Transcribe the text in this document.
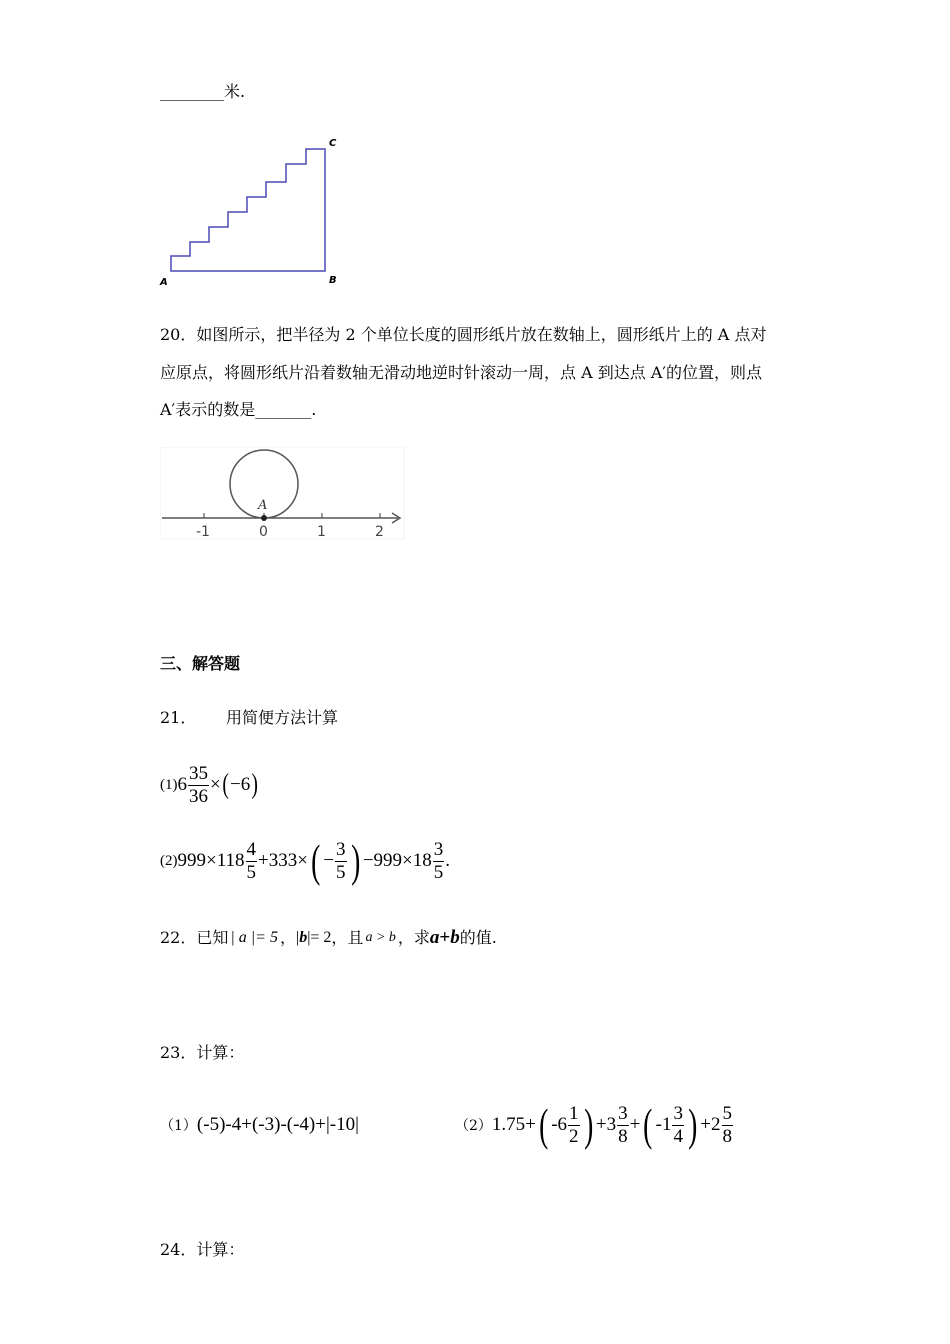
________米.
A	B
C
20．如图所示，把半径为 2 个单位长度的圆形纸片放在数轴上，圆形纸片上的 A 点对
应原点，将圆形纸片沿着数轴无滑动地逆时针滚动一周，点 A 到达点 A′的位置，则点
A′表示的数是_______.
A
-1	0	1	2
三、解答题
21． 用简便方法计算
(1) $6 \frac{35}{36}$ × ( −6 )
(2) $999\times 118 \frac{4}{5} +333\times$ ( − $\frac{3}{5}$ ) $-999\times 18 \frac{3}{5}$ .
22．已知 | a |= 5 ， | b |= 2 ，且 a > b ，求 a + b 的值.
23．计算：
（1） (-5) -4+ (-3) - (-4) +|-10|	（2） 1.75+ ( $-6 \frac{1}{2}$ ) $+3 \frac{3}{8}$ + ( $-1 \frac{3}{4}$ ) $+2 \frac{5}{8}$
24．计算：
